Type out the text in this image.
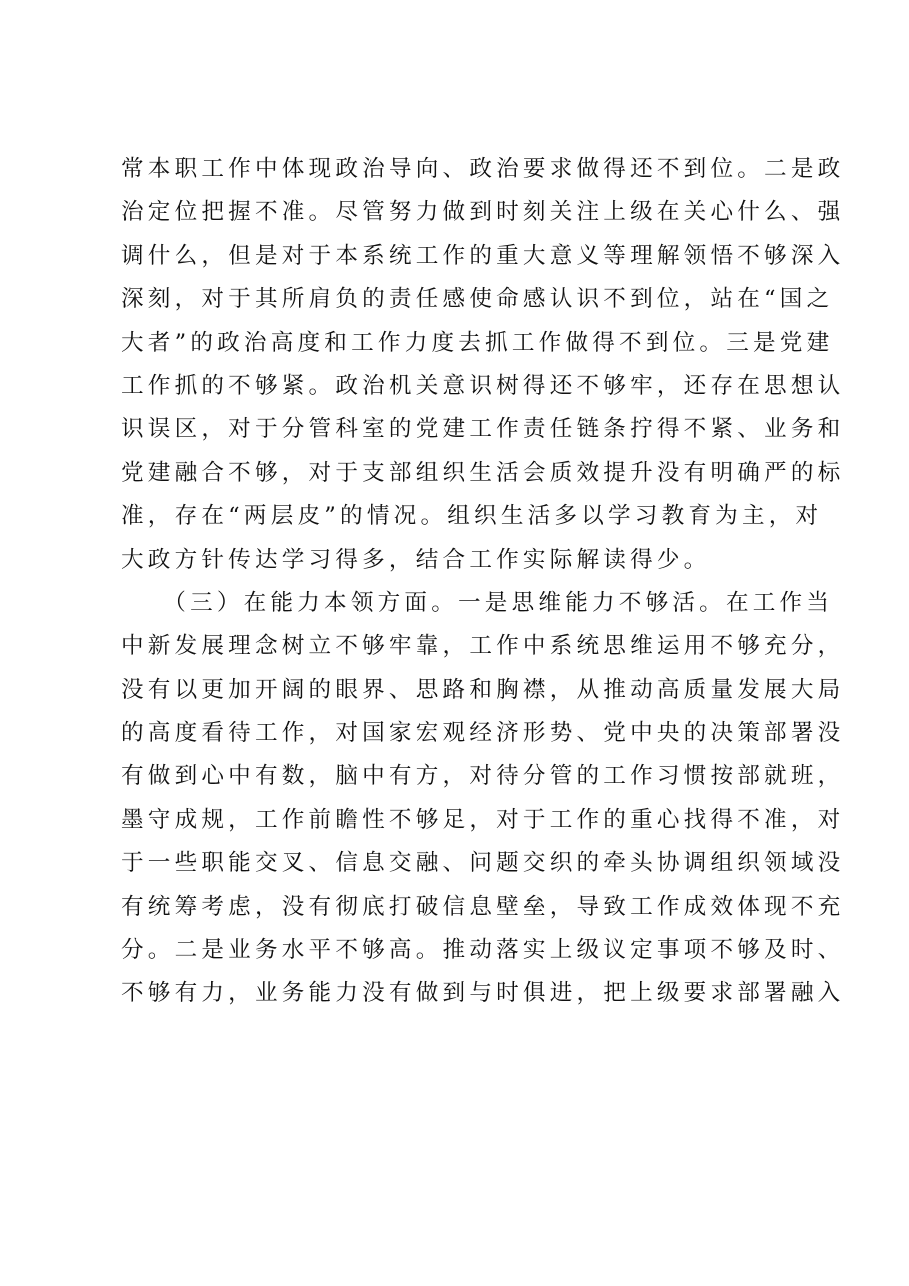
常本职工作中体现政治导向、政治要求做得还不到位。二是政
治定位把握不准。尽管努力做到时刻关注上级在关心什么、强
调什么，但是对于本系统工作的重大意义等理解领悟不够深入
深刻，对于其所肩负的责任感使命感认识不到位，站在“国之
大者”的政治高度和工作力度去抓工作做得不到位。三是党建
工作抓的不够紧。政治机关意识树得还不够牢，还存在思想认
识误区，对于分管科室的党建工作责任链条拧得不紧、业务和
党建融合不够，对于支部组织生活会质效提升没有明确严的标
准，存在“两层皮”的情况。组织生活多以学习教育为主，对
大政方针传达学习得多，结合工作实际解读得少。
　　（三）在能力本领方面。一是思维能力不够活。在工作当
中新发展理念树立不够牢靠，工作中系统思维运用不够充分，
没有以更加开阔的眼界、思路和胸襟，从推动高质量发展大局
的高度看待工作，对国家宏观经济形势、党中央的决策部署没
有做到心中有数，脑中有方，对待分管的工作习惯按部就班，
墨守成规，工作前瞻性不够足，对于工作的重心找得不准，对
于一些职能交叉、信息交融、问题交织的牵头协调组织领域没
有统筹考虑，没有彻底打破信息壁垒，导致工作成效体现不充
分。二是业务水平不够高。推动落实上级议定事项不够及时、
不够有力，业务能力没有做到与时俱进，把上级要求部署融入
